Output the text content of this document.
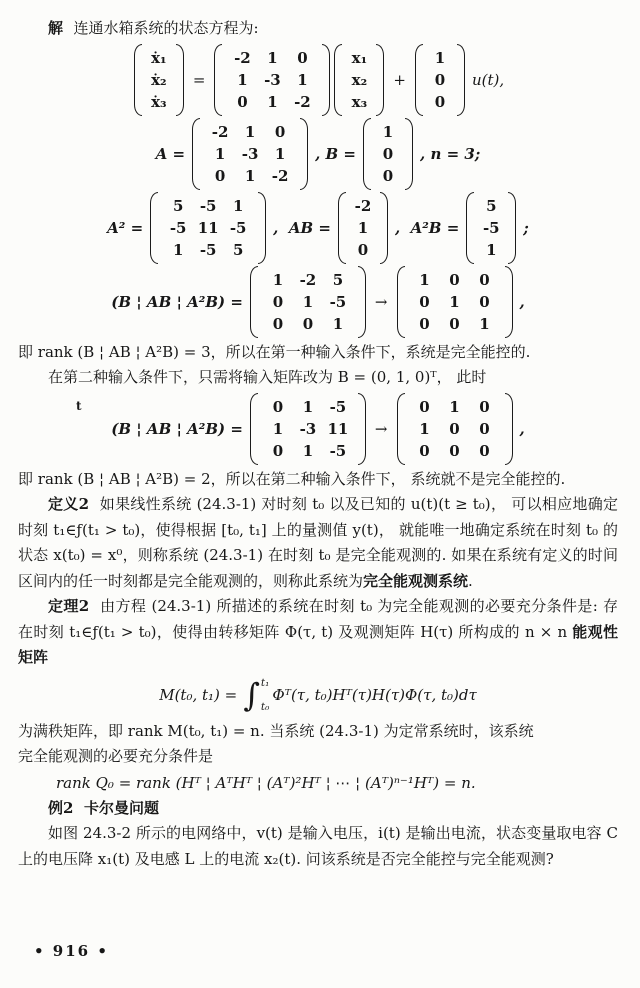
解 连通水箱系统的状态方程为:

ẋ₁
ẋ₂
ẋ₃
=
-2	1	0
1	-3	1
0	1	-2
x₁
x₂
x₃
+
1
0
0
u(t),
A =
-2	1	0
1	-3	1
0	1	-2
, B =
1
0
0
, n = 3;
A² =
5	-5	1
-5 11 -5
1	-5	5
,  AB =
-2
1
0
,  A²B =
5
-5
1
;
(B ¦ AB ¦ A²B) =
1	-2	5
0	1	-5
0	0	1
→
1	0	0
0	1	0
0	0	1
,

即 rank (B ¦ AB ¦ A²B) = 3，所以在第一种输入条件下，系统是完全能控的.

在第二种输入条件下，只需将输入矩阵改为 B = (0, 1, 0)ᵀ， 此时

t
(B ¦ AB ¦ A²B) =
0	1	-5
1	-3 11
0	1	-5
→
0	1	0
1	0	0
0	0	0
,

即 rank (B ¦ AB ¦ A²B) = 2，所以在第二种输入条件下， 系统就不是完全能控的.

定义2 如果线性系统 (24.3-1) 对时刻 t₀ 以及已知的 u(t)(t ≥ t₀)， 可以相应地确定时刻 t₁∈ƒ(t₁ > t₀)，使得根据 [t₀, t₁] 上的量测值 y(t)， 就能唯一地确定系统在时刻 t₀ 的状态 x(t₀) = x⁰，则称系统 (24.3-1) 在时刻 t₀ 是完全能观测的. 如果在系统有定义的时间区间内的任一时刻都是完全能观测的，则称此系统为完全能观测系统.

定理2 由方程 (24.3-1) 所描述的系统在时刻 t₀ 为完全能观测的必要充分条件是: 存在时刻 t₁∈ƒ(t₁ > t₀)，使得由转移矩阵 Φ(τ, t) 及观测矩阵 H(τ) 所构成的 n × n 能观性矩阵

M(t₀, t₁) = ∫ t₁
t₀
Φᵀ(τ, t₀)Hᵀ(τ)H(τ)Φ(τ, t₀)dτ

为满秩矩阵，即 rank M(t₀, t₁) = n. 当系统 (24.3-1) 为定常系统时，该系统

完全能观测的必要充分条件是

rank Q₀ = rank (Hᵀ ¦ AᵀHᵀ ¦ (Aᵀ)²Hᵀ ¦ ⋯ ¦ (Aᵀ)ⁿ⁻¹Hᵀ) = n.

例2 卡尔曼问题

如图 24.3-2 所示的电网络中，v(t) 是输入电压，i(t) 是输出电流，状态变量取电容 C 上的电压降 x₁(t) 及电感 L 上的电流 x₂(t). 问该系统是否完全能控与完全能观测?

• 916 •
